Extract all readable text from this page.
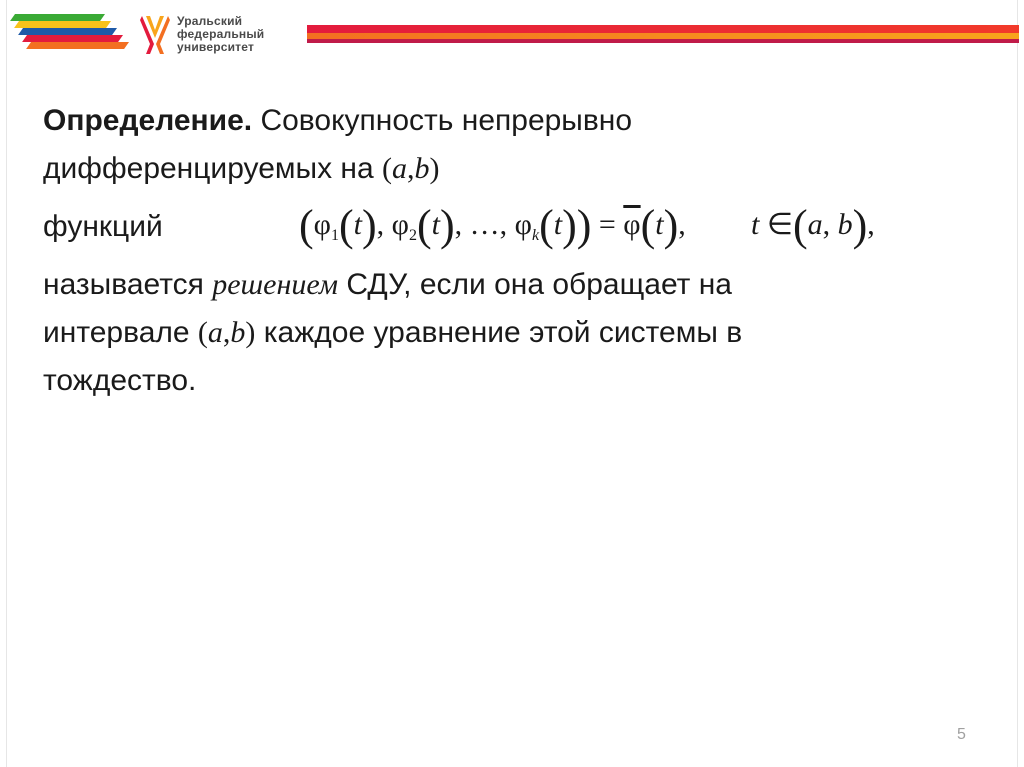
Уральский
федеральный
университет
Определение. Совокупность непрерывно
дифференцируемых на (a,b)
функций	($\varphi_1(t)$, $\varphi_2(t)$, …, $\varphi_k(t)) = \overline{\varphi}(t)$, t ∈(a, b),
называется решением СДУ, если она обращает на
интервале (a,b) каждое уравнение этой системы в
тождество.
5
